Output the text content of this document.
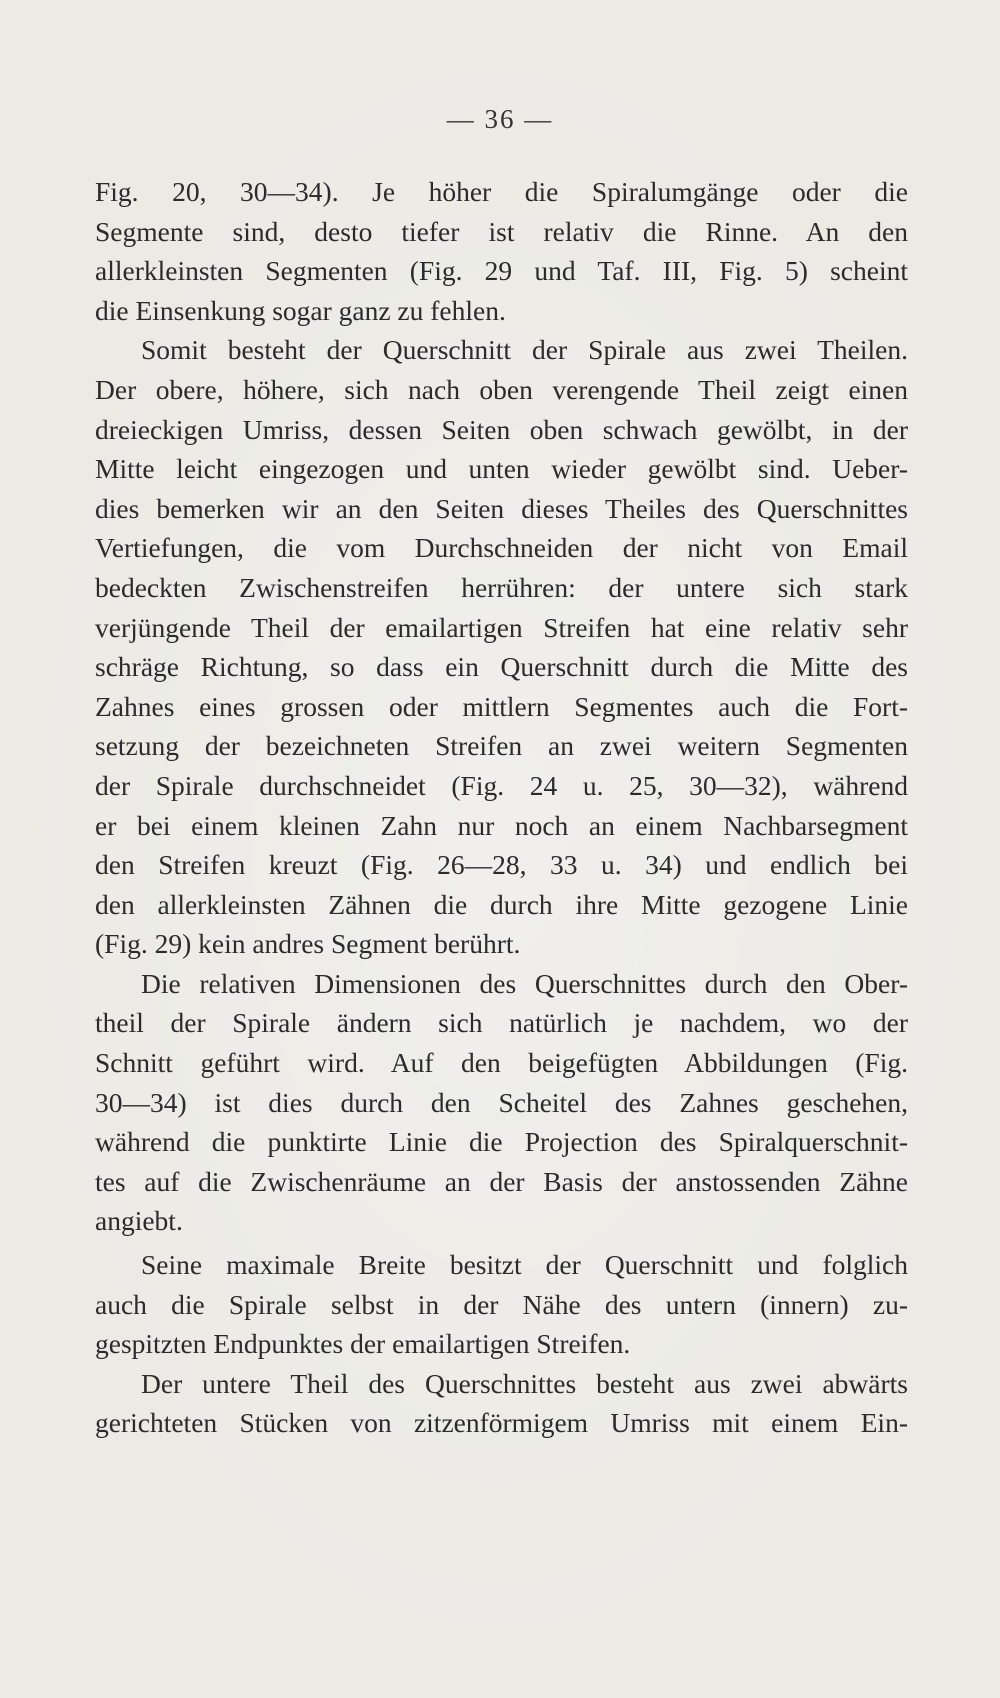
— 36 —
Fig. 20, 30—34). Je höher die Spiralumgänge oder die
Segmente sind, desto tiefer ist relativ die Rinne. An den
allerkleinsten Segmenten (Fig. 29 und Taf. III, Fig. 5) scheint
die Einsenkung sogar ganz zu fehlen.
Somit besteht der Querschnitt der Spirale aus zwei Theilen.
Der obere, höhere, sich nach oben verengende Theil zeigt einen
dreieckigen Umriss, dessen Seiten oben schwach gewölbt, in der
Mitte leicht eingezogen und unten wieder gewölbt sind. Ueber-
dies bemerken wir an den Seiten dieses Theiles des Querschnittes
Vertiefungen, die vom Durchschneiden der nicht von Email
bedeckten Zwischenstreifen herrühren: der untere sich stark
verjüngende Theil der emailartigen Streifen hat eine relativ sehr
schräge Richtung, so dass ein Querschnitt durch die Mitte des
Zahnes eines grossen oder mittlern Segmentes auch die Fort-
setzung der bezeichneten Streifen an zwei weitern Segmenten
der Spirale durchschneidet (Fig. 24 u. 25, 30—32), während
er bei einem kleinen Zahn nur noch an einem Nachbarsegment
den Streifen kreuzt (Fig. 26—28, 33 u. 34) und endlich bei
den allerkleinsten Zähnen die durch ihre Mitte gezogene Linie
(Fig. 29) kein andres Segment berührt.
Die relativen Dimensionen des Querschnittes durch den Ober-
theil der Spirale ändern sich natürlich je nachdem, wo der
Schnitt geführt wird. Auf den beigefügten Abbildungen (Fig.
30—34) ist dies durch den Scheitel des Zahnes geschehen,
während die punktirte Linie die Projection des Spiralquerschnit-
tes auf die Zwischenräume an der Basis der anstossenden Zähne
angiebt.
Seine maximale Breite besitzt der Querschnitt und folglich
auch die Spirale selbst in der Nähe des untern (innern) zu-
gespitzten Endpunktes der emailartigen Streifen.
Der untere Theil des Querschnittes besteht aus zwei abwärts
gerichteten Stücken von zitzenförmigem Umriss mit einem Ein-
